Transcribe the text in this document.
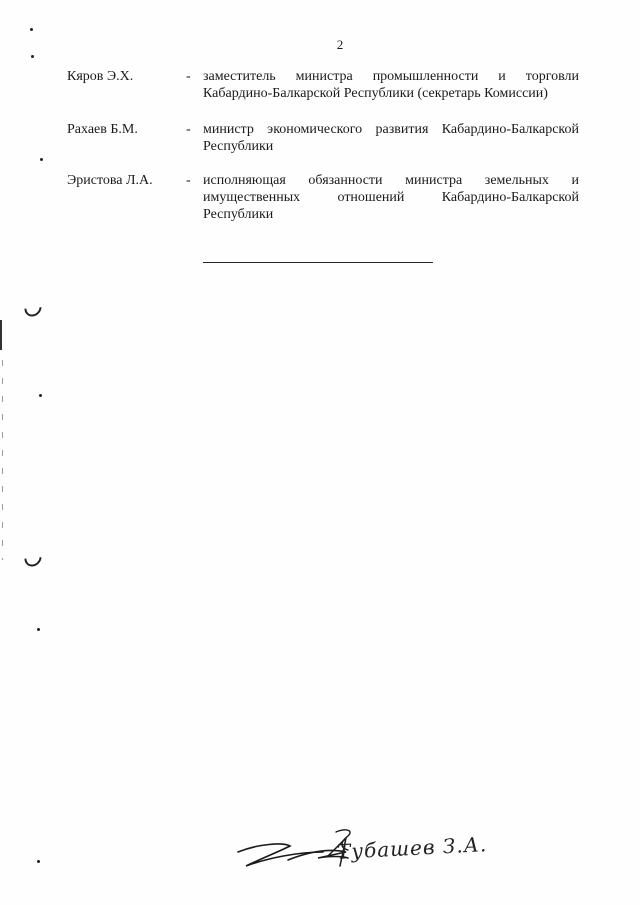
2
Кяров Э.Х.	- заместитель министра промышленности и торговли Кабардино-Балкарской Республики (секретарь Комиссии)
Рахаев Б.М.	- министр экономического развития Кабардино-Балкарской Республики
Эристова Л.А. - исполняющая обязанности министра земельных и имущественных отношений Кабардино-Балкарской Республики
Тубашев З.А.
